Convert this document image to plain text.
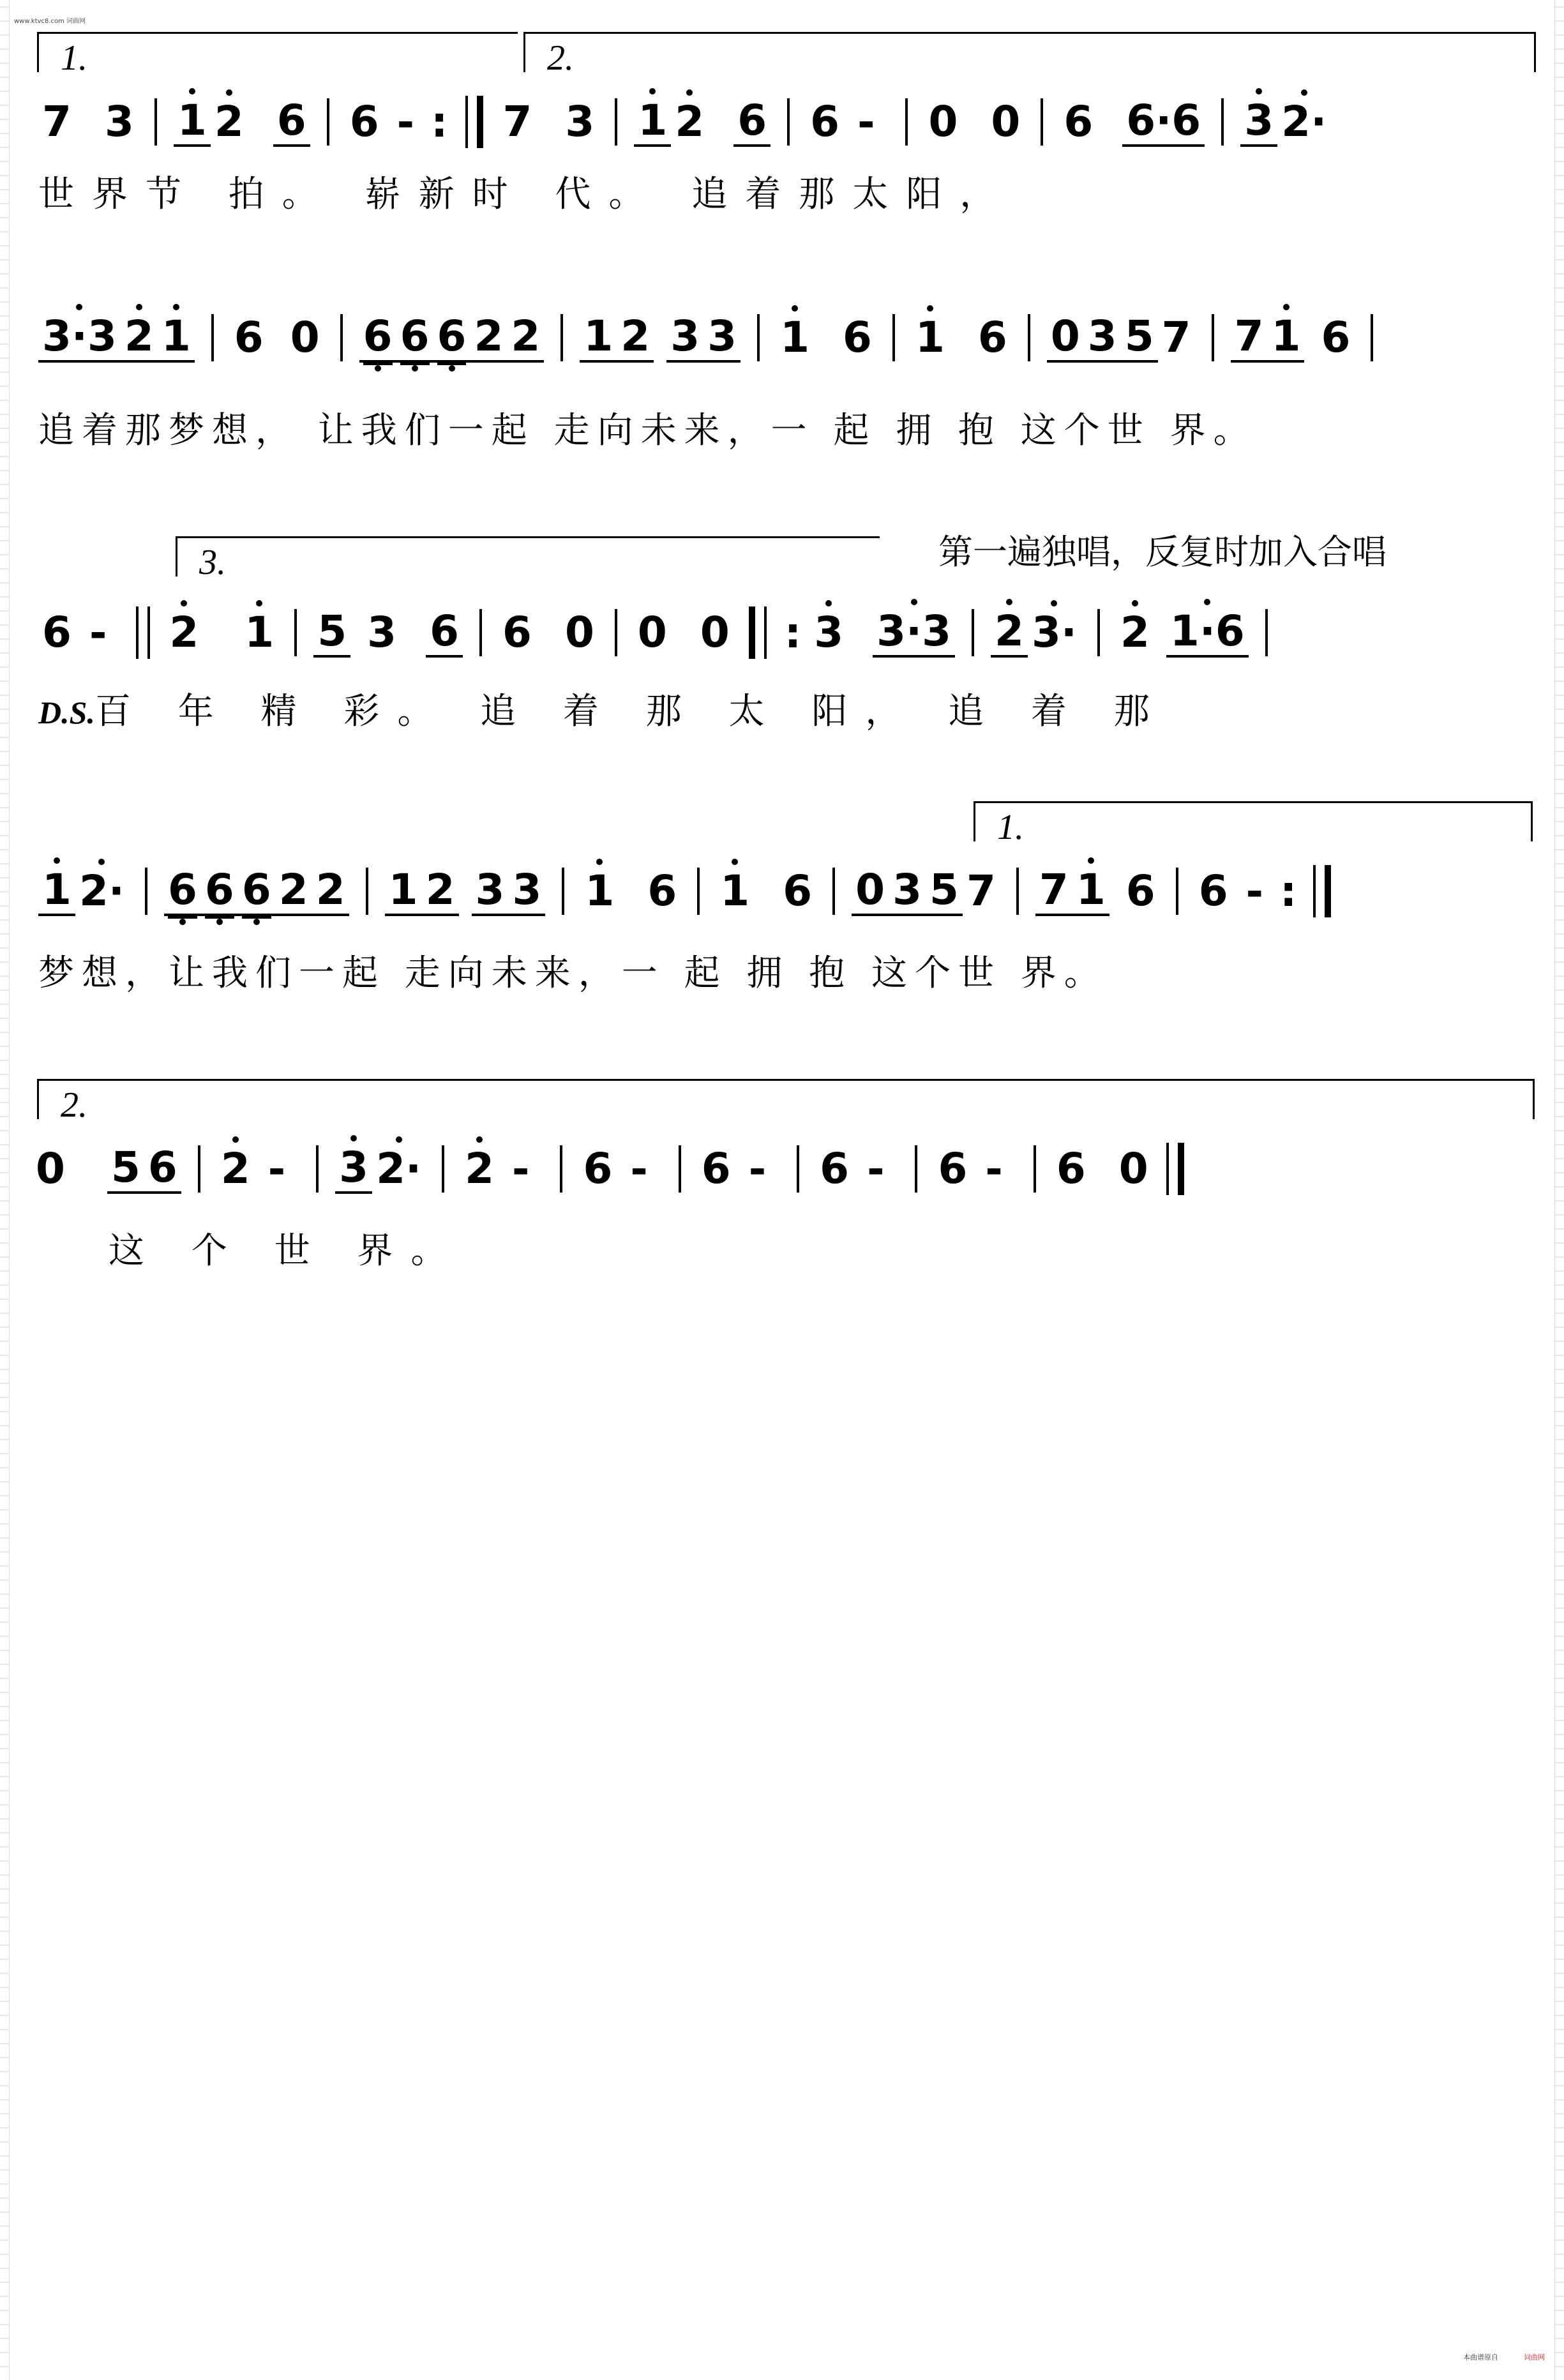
www.ktvc8.com 词曲网
1.	2.
7 3 1 2 6 6 - : 7 3 1 2 6 6 -	0 0 6 6·6 3 2·
世界节 拍。 崭新时 代。 追着那太阳，
3·3 2 1 6 0 6 6 6 2 2 1 2 3 3 1 6 1 6 0 3 5 7 7 1 6
追着那梦想， 让我们一起 走向未来，一 起 拥 抱 这个世 界。
3.	第一遍独唱，反复时加入合唱
6 -	2 1 5 3 6 6 0 0 0 : 3 3·3 2 3· 2 1·6
D.S.百 年 精 彩。 追 着 那 太 阳， 追 着 那
1.
1 2· 6 6 6 2 2 1 2 3 3 1 6 1 6 0 3 5 7 7 1 6 6 - :
梦想，让我们一起 走向未来，一 起 拥 抱 这个世 界。
2.
0 5 6 2 -	3 2· 2 -	6 -	6 -	6 -	6 -	6 0
这 个 世 界。
本曲谱原自	词曲网
